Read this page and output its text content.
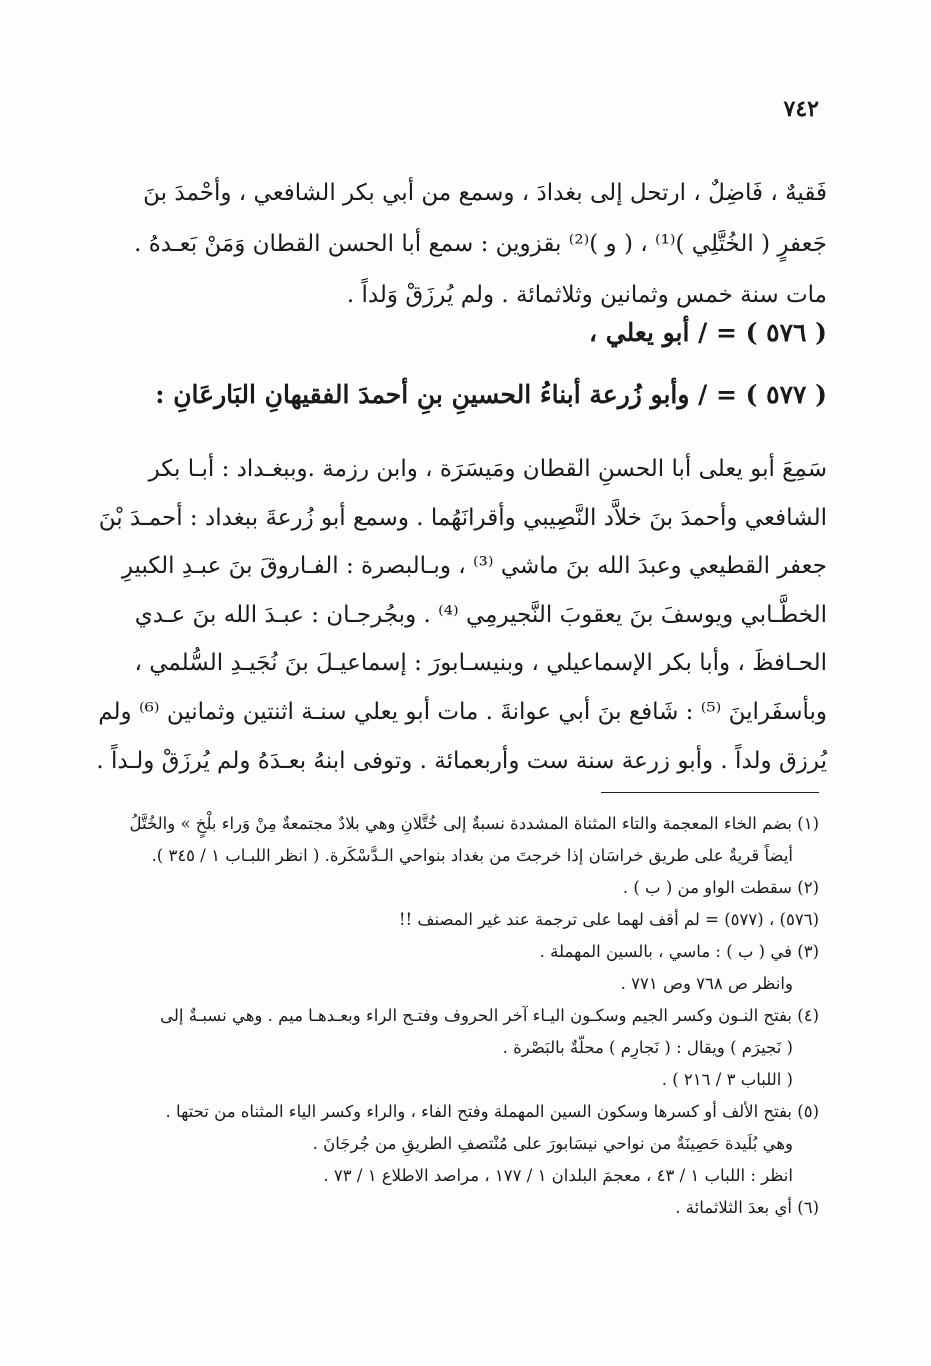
٧٤٢
فَقيهٌ ، فَاضِلٌ ، ارتحل إلى بغدادَ ، وسمع من أبي بكر الشافعي ، وأحْمدَ بنَ
جَعفرٍ ( الخُتَّلِي )⁽¹⁾ ، ( و )⁽²⁾ بقزوين : سمع أبا الحسن القطان وَمَنْ بَعـدهُ .
مات سنة خمس وثمانين وثلاثمائة . ولم يُرزَقْ وَلداً .
( ٥٧٦ ) = / أبو يعلي ،
( ٥٧٧ ) = / وأبو زُرعة أبناءُ الحسينِ بنِ أحمدَ الفقيهانِ البَارعَانِ :
سَمِعَ أبو يعلى أبا الحسنِ القطان ومَيسَرَة ، وابن رزمة .وببغـداد : أبـا بكر
الشافعي وأحمدَ بنَ خلاَّد النَّصِيبي وأقرانَهُما . وسمع أبو زُرعةَ ببغداد : أحمـدَ بْنَ
جعفر القطيعي وعبدَ الله بنَ ماشي ⁽³⁾ ، وبـالبصرة : الفـاروقَ بنَ عبـدِ الكبيرِ
الخطَّـابي ويوسفَ بنَ يعقوبَ النَّجيرمِي ⁽⁴⁾ . وبجُرجـان : عبـدَ الله بنَ عـدي
الحـافظَ ، وأبا بكر الإسماعيلي ، وبنيسـابورَ : إسماعيـلَ بنَ نُجَيـدِ السُّلمي ،
وبأسفَراينَ ⁽⁵⁾ : شَافع بنَ أبي عوانةَ . مات أبو يعلي سنـة اثنتين وثمانين ⁽⁶⁾ ولم
يُرزق ولداً . وأبو زرعة سنة ست وأربعمائة . وتوفى ابنهُ بعـدَهُ ولم يُرزَقْ ولـداً .
(١) بضم الخاء المعجمة والتاء المثناة المشددة نسبةٌ إلى خُتَّلانِ وهي بلادٌ مجتمعةٌ مِنْ وَراء بلْخٍ » والخُتَّلُ
أيضاً قريةٌ على طريق خراسَان إذا خرجتَ من بغداد بنواحي الـدَّسْكَرة. ( انظر اللبـاب ١ / ٣٤٥ ).
(٢) سقطت الواو من ( ب ) .
(٥٧٦) ، (٥٧٧) = لم أقف لهما على ترجمة عند غير المصنف !!
(٣) في ( ب ) : ماسي ، بالسين المهملة .
وانظر ص ٧٦٨ وص ٧٧١ .
(٤) بفتح النـون وكسر الجيم وسكـون اليـاء آخر الحروف وفتـح الراء وبعـدهـا ميم . وهي نسبـةٌ إلى
( نَجيرَم ) ويقال : ( نَجارِم ) محلّةٌ بالبَصْرة .
( اللباب ٣ / ٢١٦ ) .
(٥) بفتح الألف أو كسرها وسكون السين المهملة وفتح الفاء ، والراء وكسر الياء المثناه من تحتها .
وهي بُلَيدة حَصِينَةٌ من نواحي نيسَابورَ على مُنْتصفِ الطريقِ من جُرجَانَ .
انظر : اللباب ١ / ٤٣ ، معجمَ البلدان ١ / ١٧٧ ، مراصد الاطلاع ١ / ٧٣ .
(٦) أي بعدَ الثلاثمائة .
